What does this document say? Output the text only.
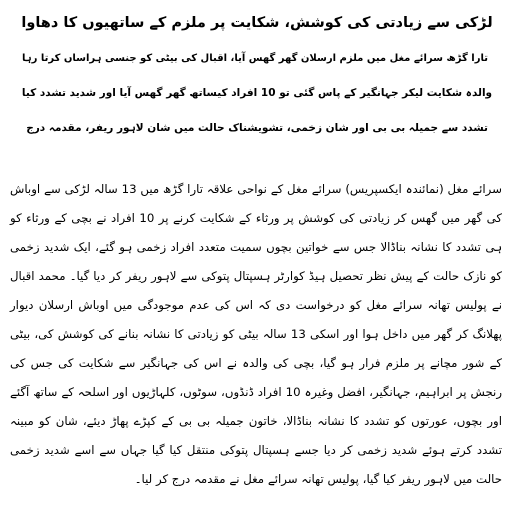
لڑکی سے زیادتی کی کوشش، شکایت پر ملزم کے ساتھیوں کا دھاوا
تارا گڑھ سرائے مغل میں ملزم ارسلان گھر گھس آیا، اقبال کی بیٹی کو جنسی ہراساں کرتا رہا
والدہ شکایت لیکر جہانگیر کے پاس گئی تو 10 افراد کیساتھ گھر گھس آیا اور شدید تشدد کیا
تشدد سے جمیلہ بی بی اور شان زخمی، تشویشناک حالت میں شان لاہور ریفر، مقدمہ درج
سرائے مغل (نمائندہ ایکسپریس) سرائے مغل کے نواحی علاقہ تارا گڑھ میں 13 سالہ لڑکی سے اوباش کی گھر میں گھس کر زیادتی کی کوشش پر ورثاء کے شکایت کرنے پر 10 افراد نے بچی کے ورثاء کو ہی تشدد کا نشانہ بناڈالا جس سے خواتین بچوں سمیت متعدد افراد زخمی ہو گئے، ایک شدید زخمی کو نازک حالت کے پیش نظر تحصیل ہیڈ کوارٹر ہسپتال پتوکی سے لاہور ریفر کر دیا گیا۔ محمد اقبال نے پولیس تھانہ سرائے مغل کو درخواست دی کہ اس کی عدم موجودگی میں اوباش ارسلان دیوار پھلانگ کر گھر میں داخل ہوا اور اسکی 13 سالہ بیٹی کو زیادتی کا نشانہ بنانے کی کوشش کی، بیٹی کے شور مچانے پر ملزم فرار ہو گیا، بچی کی والدہ نے اس کی جہانگیر سے شکایت کی جس کی رنجش پر ابراہیم، جہانگیر، افضل وغیرہ 10 افراد ڈنڈوں، سوٹوں، کلہاڑیوں اور اسلحہ کے ساتھ آگئے اور بچوں، عورتوں کو تشدد کا نشانہ بناڈالا، خاتون جمیلہ بی بی کے کپڑے پھاڑ دیئے، شان کو مبینہ تشدد کرتے ہوئے شدید زخمی کر دیا جسے ہسپتال پتوکی منتقل کیا گیا جہاں سے اسے شدید زخمی حالت میں لاہور ریفر کیا گیا، پولیس تھانہ سرائے مغل نے مقدمہ درج کر لیا۔
